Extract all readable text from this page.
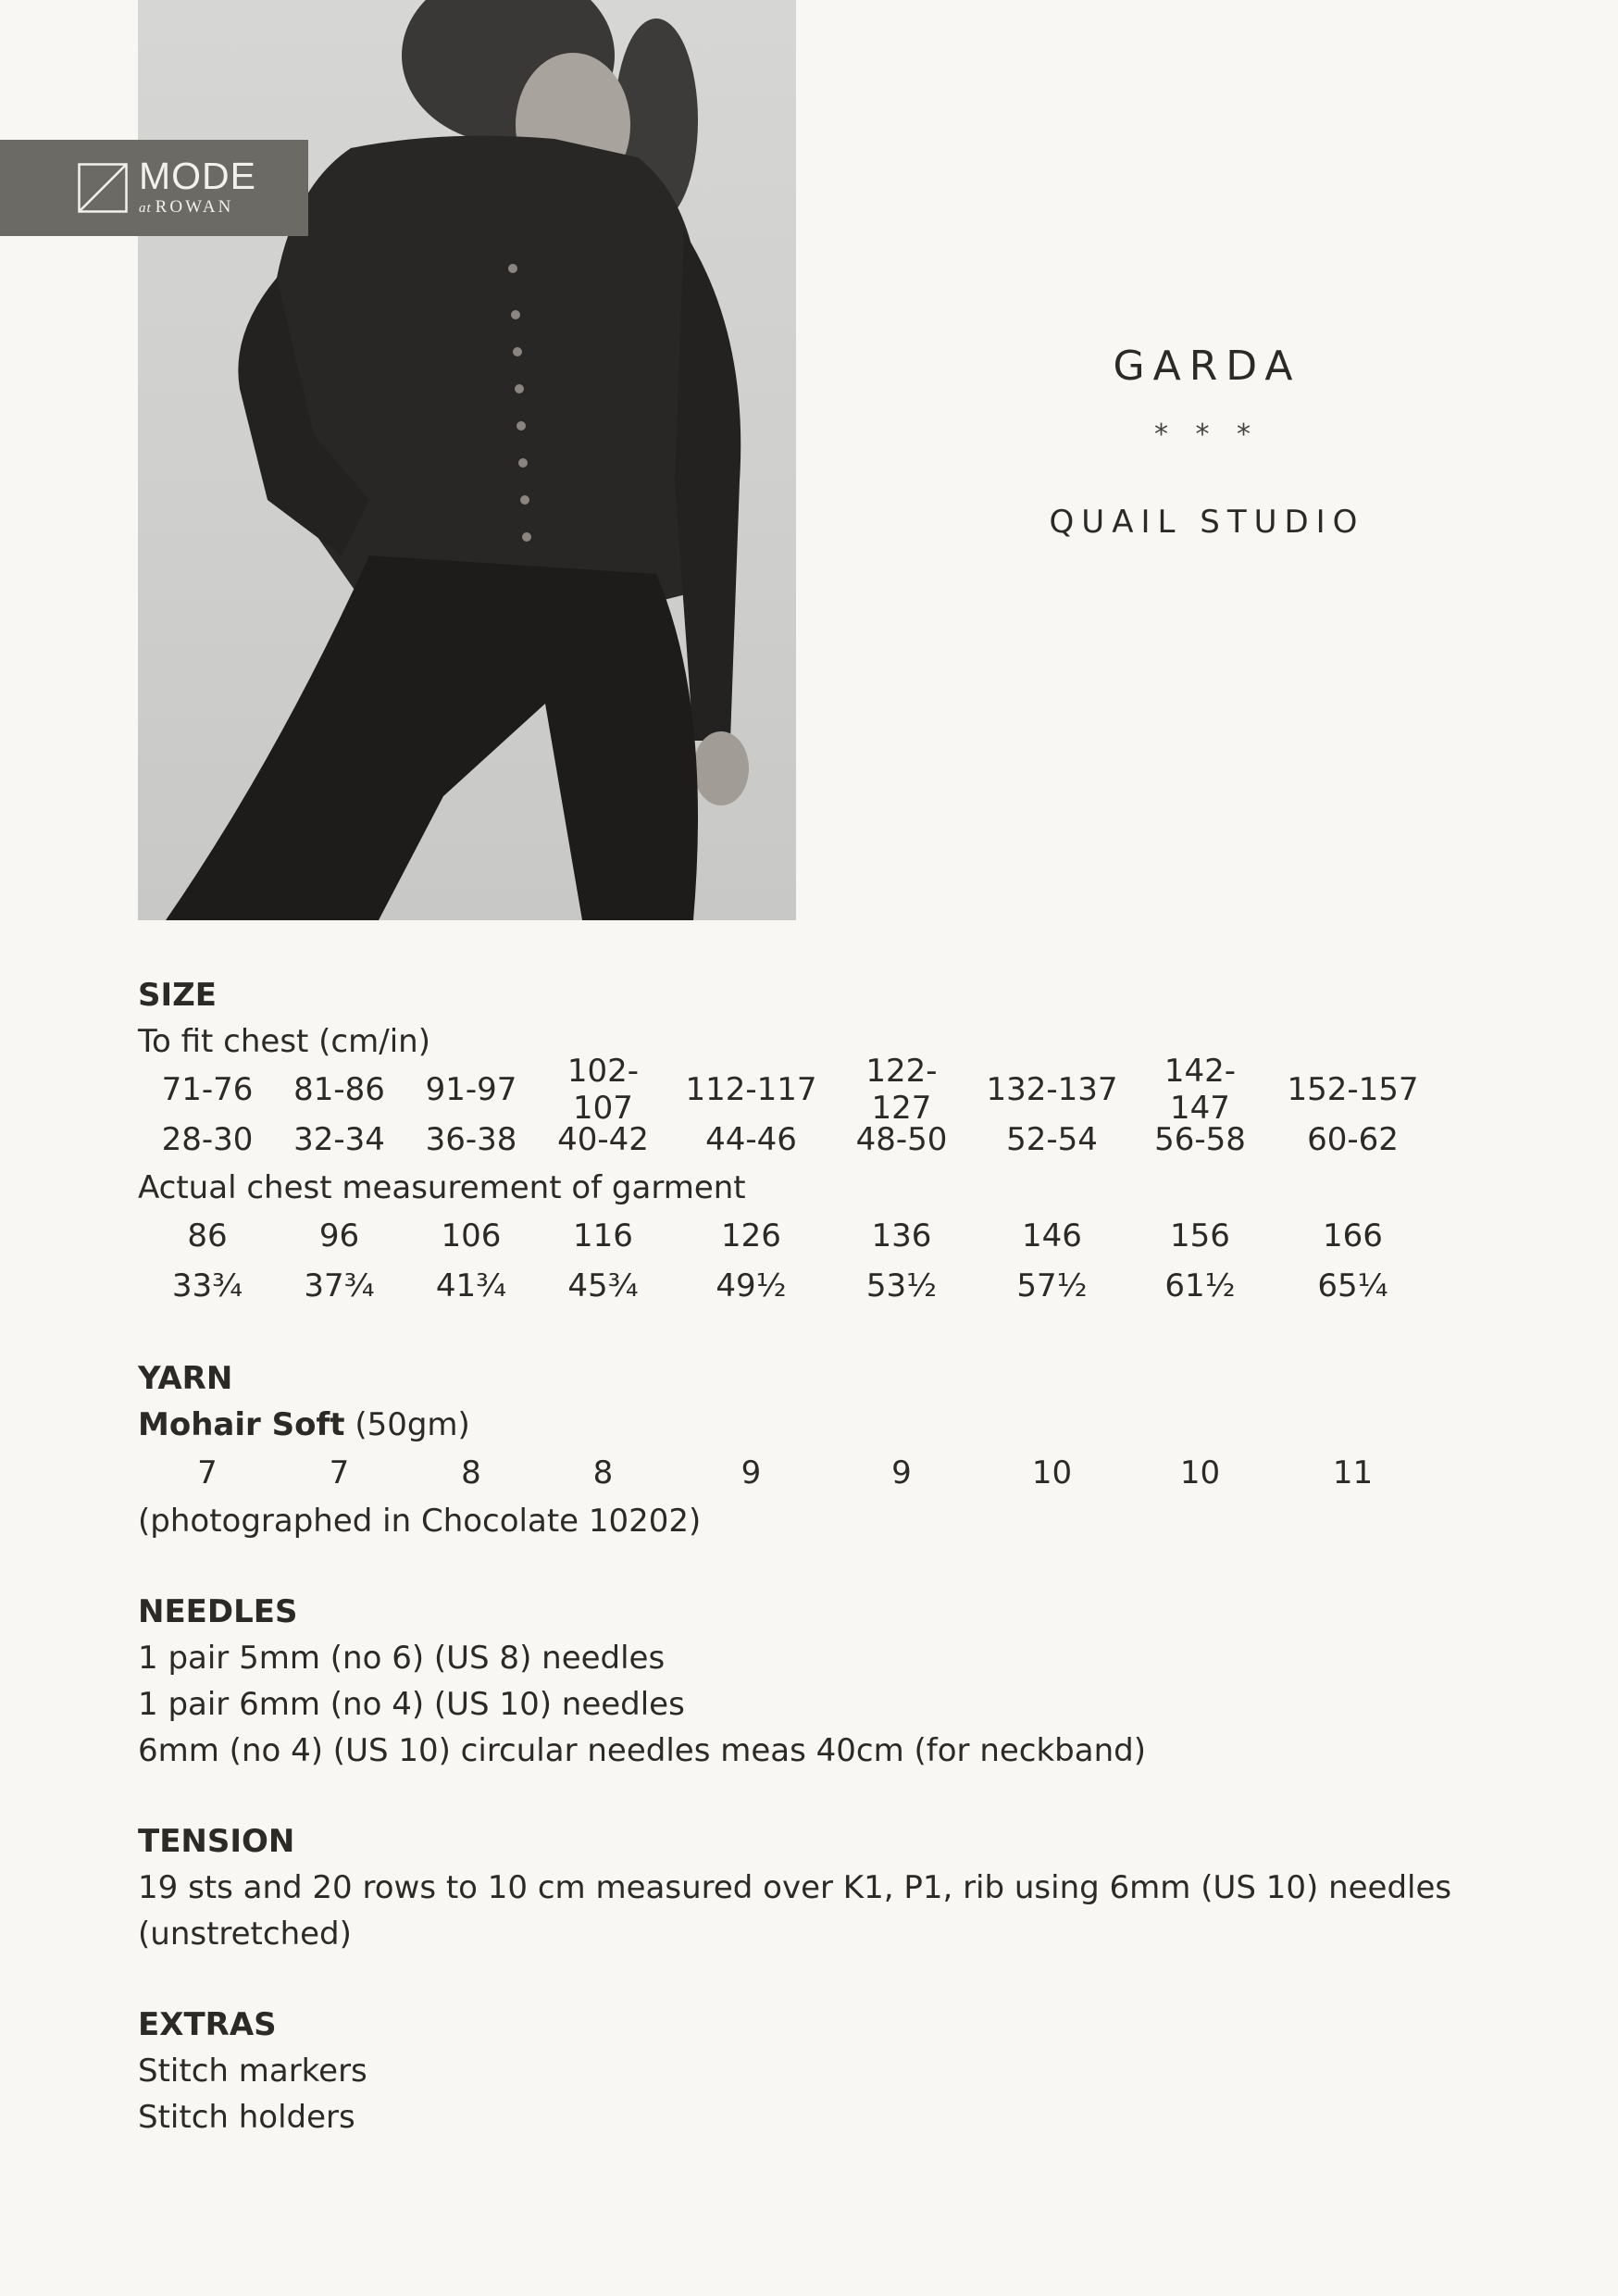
MODE
at ROWAN
GARDA
* * *
QUAIL STUDIO
SIZE
To fit chest (cm/in)
71-76	81-86	91-97	102-107	112-117	122-127	132-137	142-147	152-157
28-30	32-34	36-38	40-42	44-46	48-50	52-54	56-58	60-62
Actual chest measurement of garment
86	96	106	116	126	136	146	156	166
33¾	37¾	41¾	45¾	49½	53½	57½	61½	65¼
YARN
Mohair Soft (50gm)
7	7	8	8	9	9	10	10	11
(photographed in Chocolate 10202)
NEEDLES
1 pair 5mm (no 6) (US 8) needles
1 pair 6mm (no 4) (US 10) needles
6mm (no 4) (US 10) circular needles meas 40cm (for neckband)
TENSION
19 sts and 20 rows to 10 cm measured over K1, P1, rib using 6mm (US 10) needles
(unstretched)
EXTRAS
Stitch markers
Stitch holders
